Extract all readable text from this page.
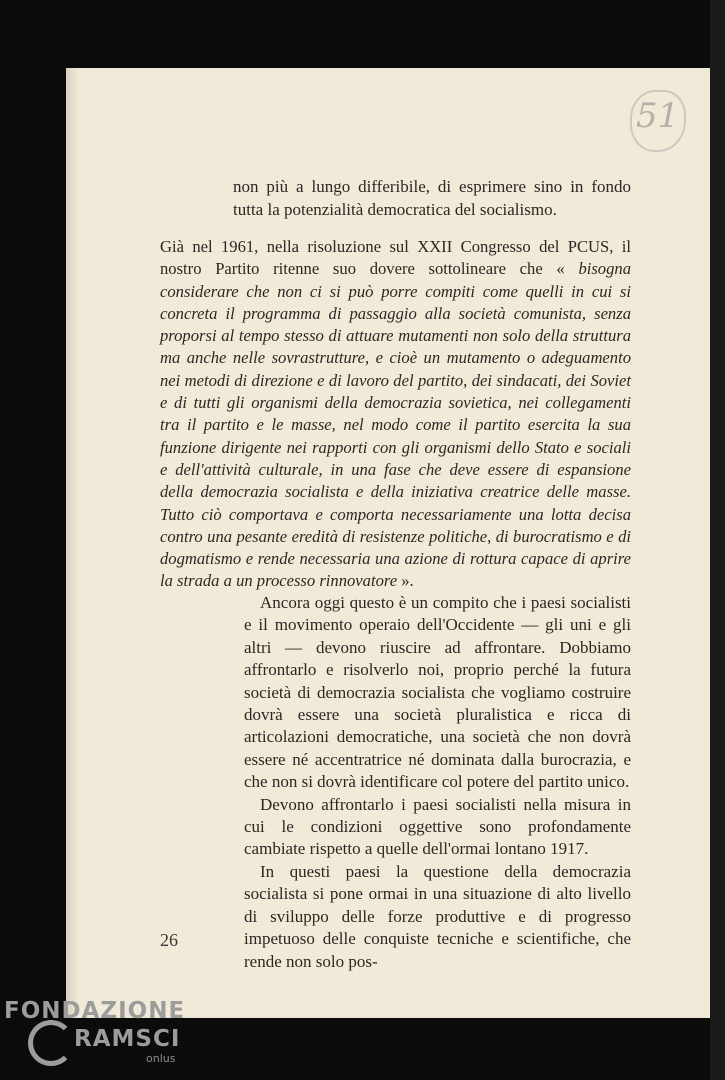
51
non più a lungo differibile, di esprimere sino in fondo tutta la potenzialità democratica del socialismo.
Già nel 1961, nella risoluzione sul XXII Congresso del PCUS, il nostro Partito ritenne suo dovere sottolineare che « bisogna considerare che non ci si può porre compiti come quelli in cui si concreta il programma di passaggio alla società comunista, senza proporsi al tempo stesso di attuare mutamenti non solo della struttura ma anche nelle sovrastrutture, e cioè un mutamento o adeguamento nei metodi di direzione e di lavoro del partito, dei sindacati, dei Soviet e di tutti gli organismi della democrazia sovietica, nei collegamenti tra il partito e le masse, nel modo come il partito esercita la sua funzione dirigente nei rapporti con gli organismi dello Stato e sociali e dell'attività culturale, in una fase che deve essere di espansione della democrazia socialista e della iniziativa creatrice delle masse. Tutto ciò comportava e comporta necessariamente una lotta decisa contro una pesante eredità di resistenze politiche, di burocratismo e di dogmatismo e rende necessaria una azione di rottura capace di aprire la strada a un processo rinnovatore ».

Ancora oggi questo è un compito che i paesi socialisti e il movimento operaio dell'Occidente — gli uni e gli altri — devono riuscire ad affrontare. Dobbiamo affrontarlo e risolverlo noi, proprio perché la futura società di democrazia socialista che vogliamo costruire dovrà essere una società pluralistica e ricca di articolazioni democratiche, una società che non dovrà essere né accentratrice né dominata dalla burocrazia, e che non si dovrà identificare col potere del partito unico.

Devono affrontarlo i paesi socialisti nella misura in cui le condizioni oggettive sono profondamente cambiate rispetto a quelle dell'ormai lontano 1917.

In questi paesi la questione della democrazia socialista si pone ormai in una situazione di alto livello di sviluppo delle forze produttive e di progresso impetuoso delle conquiste tecniche e scientifiche, che rende non solo pos-

26
FONDAZIONE
RAMSCI
onlus
